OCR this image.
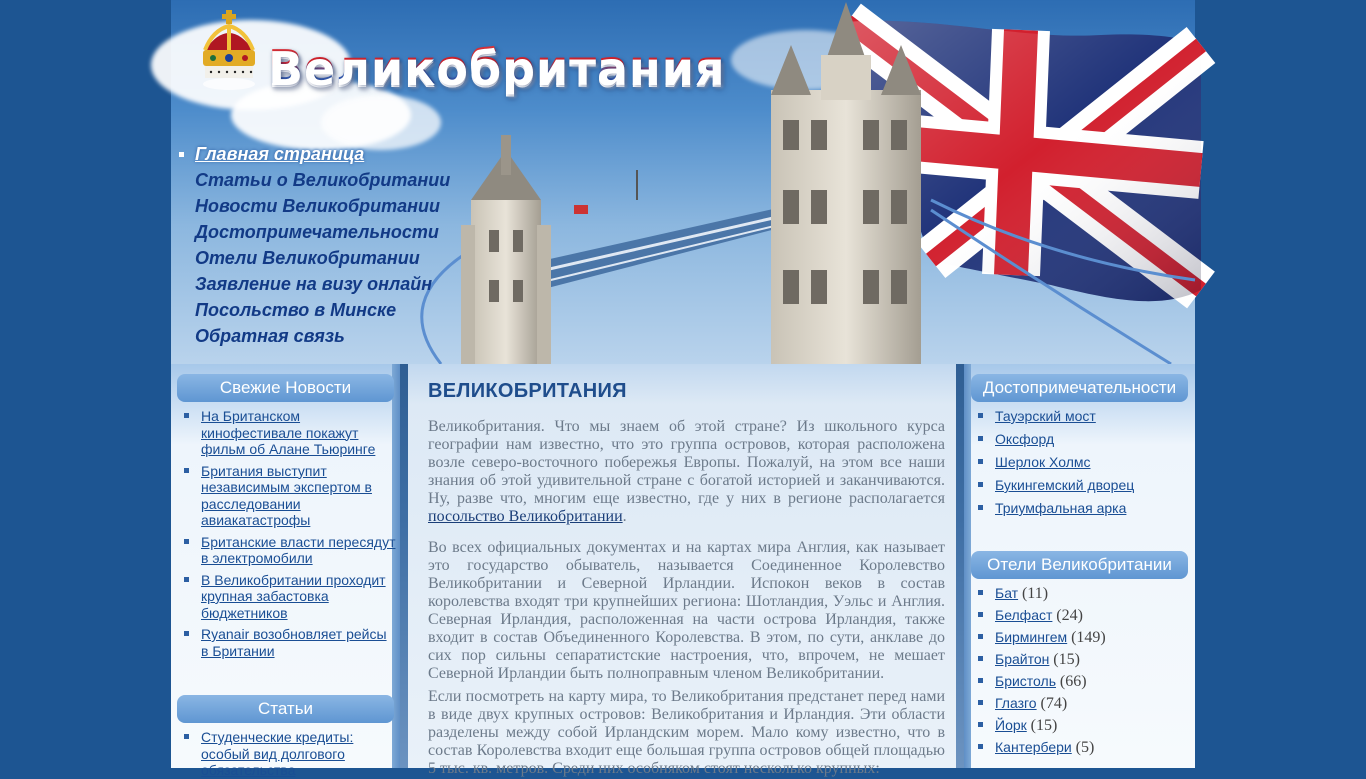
Великобритания
Главная страница
Статьи о Великобритании
Новости Великобритании
Достопримечательности
Отели Великобритании
Заявление на визу онлайн
Посольство в Минске
Обратная связь
Свежие Новости
На Британском кинофестивале покажут фильм об Алане Тьюринге
Британия выступит независимым экспертом в расследовании авиакатастрофы
Британские власти пересядут в электромобили
В Великобритании проходит крупная забастовка бюджетников
Ryanair возобновляет рейсы в Британии
Статьи
Студенческие кредиты: особый вид долгового обязательства
ВЕЛИКОБРИТАНИЯ
Великобритания. Что мы знаем об этой стране? Из школьного курса географии нам известно, что это группа островов, которая расположена возле северо-восточного побережья Европы. Пожалуй, на этом все наши знания об этой удивительной стране с богатой историей и заканчиваются. Ну, разве что, многим еще известно, где у них в регионе располагается посольство Великобритании.
Во всех официальных документах и на картах мира Англия, как называет это государство обыватель, называется Соединенное Королевство Великобритании и Северной Ирландии. Испокон веков в состав королевства входят три крупнейших региона: Шотландия, Уэльс и Англия. Северная Ирландия, расположенная на части острова Ирландия, также входит в состав Объединенного Королевства. В этом, по сути, анклаве до сих пор сильны сепаратистские настроения, что, впрочем, не мешает Северной Ирландии быть полноправным членом Великобритании.
Если посмотреть на карту мира, то Великобритания предстанет перед нами в виде двух крупных островов: Великобритания и Ирландия. Эти области разделены между собой Ирландским морем. Мало кому известно, что в состав Королевства входит еще большая группа островов общей площадью 5 тыс. кв. метров. Среди них особняком стоят несколько крупных:
Достопримечательности
Тауэрский мост
Оксфорд
Шерлок Холмс
Букингемский дворец
Триумфальная арка
Отели Великобритании
Бат (11)
Белфаст (24)
Бирмингем (149)
Брайтон (15)
Бристоль (66)
Глазго (74)
Йорк (15)
Кантербери (5)
